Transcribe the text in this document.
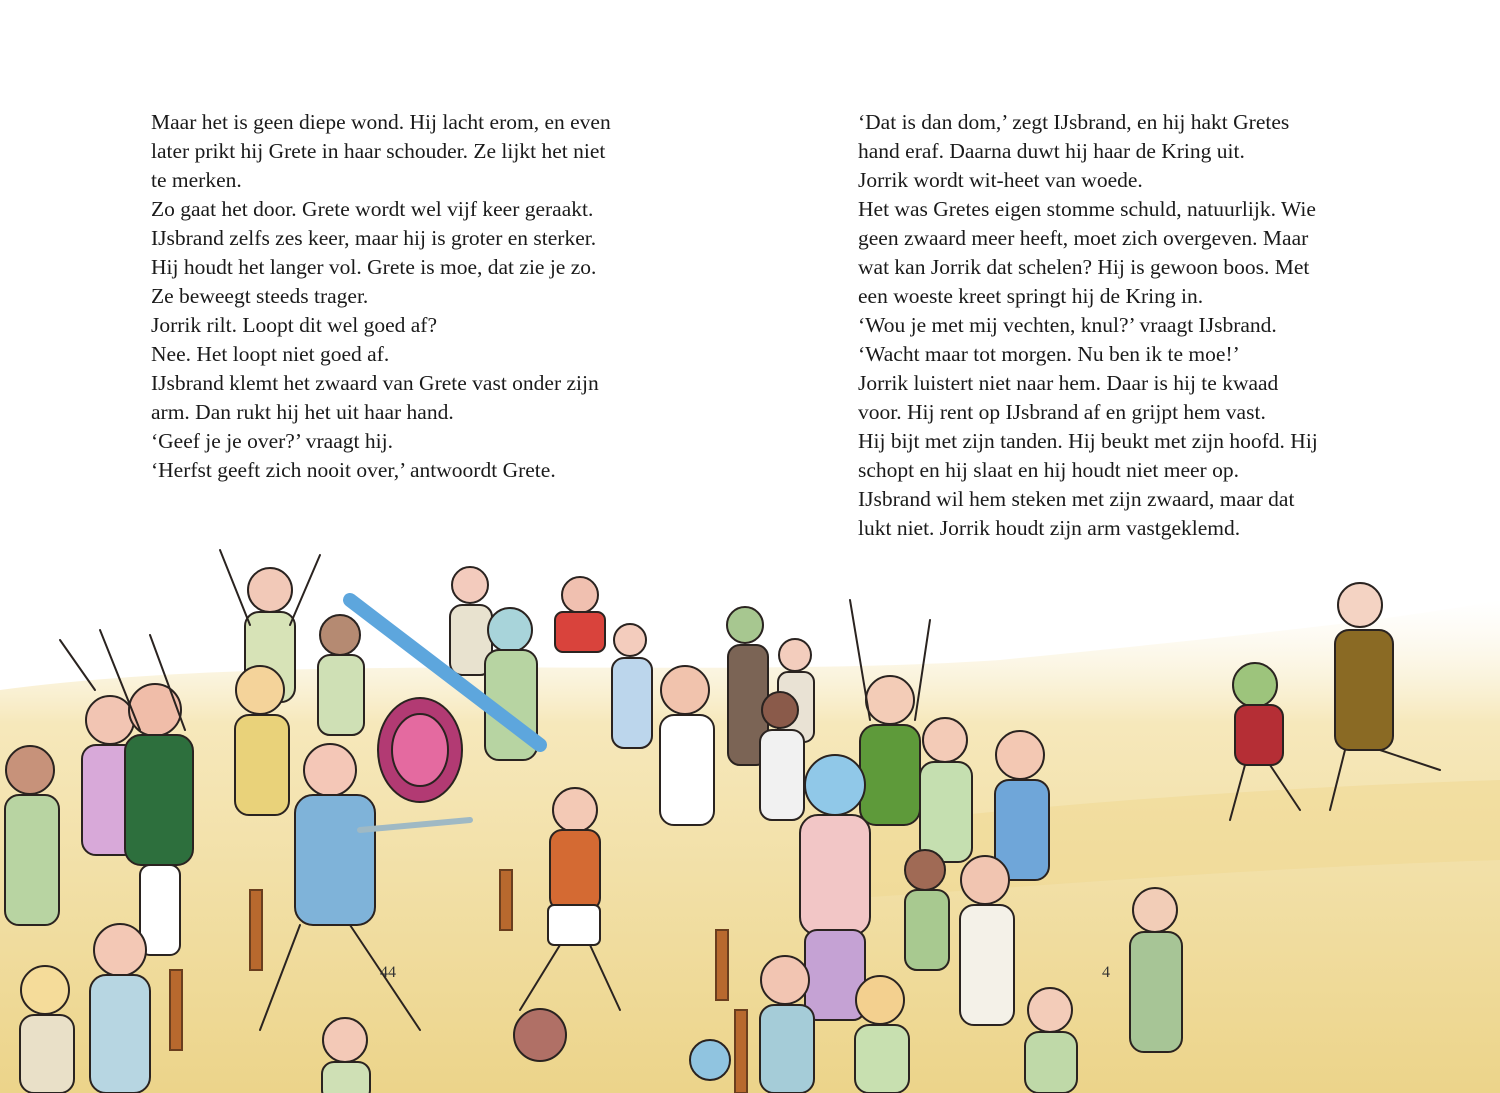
Maar het is geen diepe wond. Hij lacht erom, en even

later prikt hij Grete in haar schouder. Ze lijkt het niet

te merken.

Zo gaat het door. Grete wordt wel vijf keer geraakt.

IJsbrand zelfs zes keer, maar hij is groter en sterker.

Hij houdt het langer vol. Grete is moe, dat zie je zo.

Ze beweegt steeds trager.

Jorrik rilt. Loopt dit wel goed af?

Nee. Het loopt niet goed af.

IJsbrand klemt het zwaard van Grete vast onder zijn

arm. Dan rukt hij het uit haar hand.

‘Geef je je over?’ vraagt hij.

‘Herfst geeft zich nooit over,’ antwoordt Grete.

44

‘Dat is dan dom,’ zegt IJsbrand, en hij hakt Gretes

hand eraf. Daarna duwt hij haar de Kring uit.

Jorrik wordt wit-heet van woede.

Het was Gretes eigen stomme schuld, natuurlijk. Wie

geen zwaard meer heeft, moet zich overgeven. Maar

wat kan Jorrik dat schelen? Hij is gewoon boos. Met

een woeste kreet springt hij de Kring in.

‘Wou je met mij vechten, knul?’ vraagt IJsbrand.

‘Wacht maar tot morgen. Nu ben ik te moe!’

Jorrik luistert niet naar hem. Daar is hij te kwaad

voor. Hij rent op IJsbrand af en grijpt hem vast.

Hij bijt met zijn tanden. Hij beukt met zijn hoofd. Hij

schopt en hij slaat en hij houdt niet meer op.

IJsbrand wil hem steken met zijn zwaard, maar dat

lukt niet. Jorrik houdt zijn arm vastgeklemd.

4
